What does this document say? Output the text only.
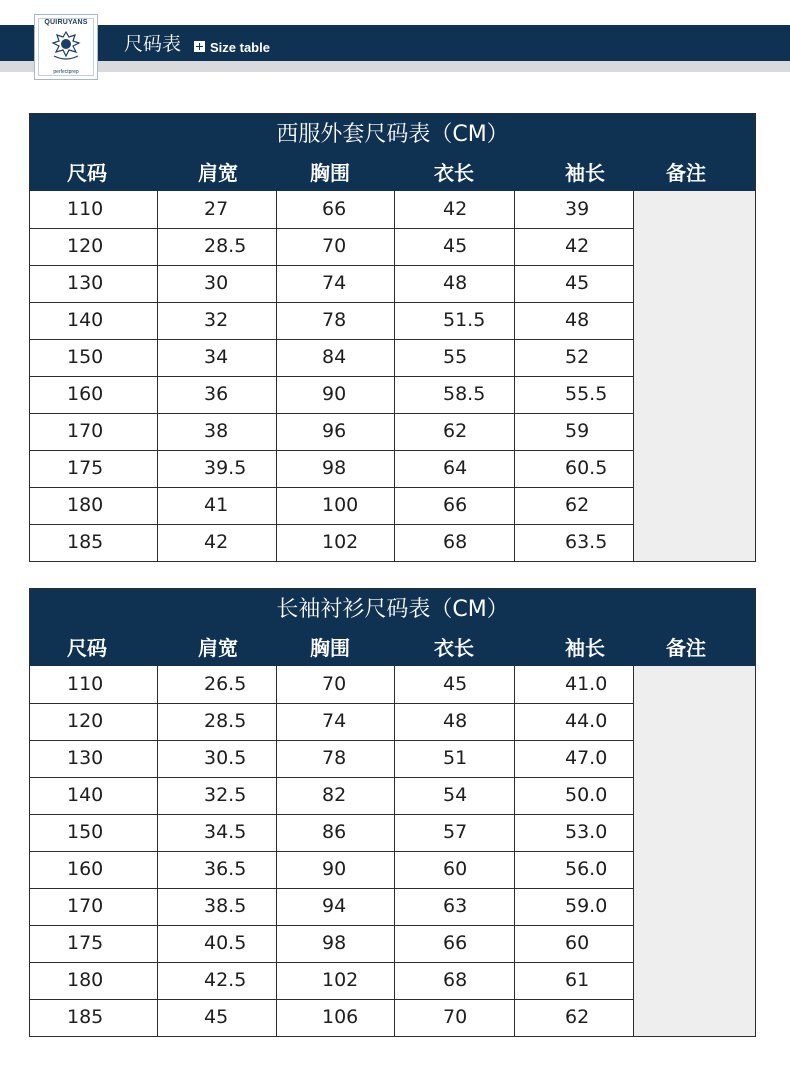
QUIRUYANS
perfectprep
尺码表 Size table
西服外套尺码表（CM）
尺码	肩宽	胸围	衣长	袖长	备注
110	27	66	42	39
120	28.5	70	45	42
130	30	74	48	45
140	32	78	51.5	48
150	34	84	55	52
160	36	90	58.5	55.5
170	38	96	62	59
175	39.5	98	64	60.5
180	41	100	66	62
185	42	102	68	63.5
长袖衬衫尺码表（CM）
尺码	肩宽	胸围	衣长	袖长	备注
110	26.5	70	45	41.0
120	28.5	74	48	44.0
130	30.5	78	51	47.0
140	32.5	82	54	50.0
150	34.5	86	57	53.0
160	36.5	90	60	56.0
170	38.5	94	63	59.0
175	40.5	98	66	60
180	42.5	102	68	61
185	45	106	70	62
